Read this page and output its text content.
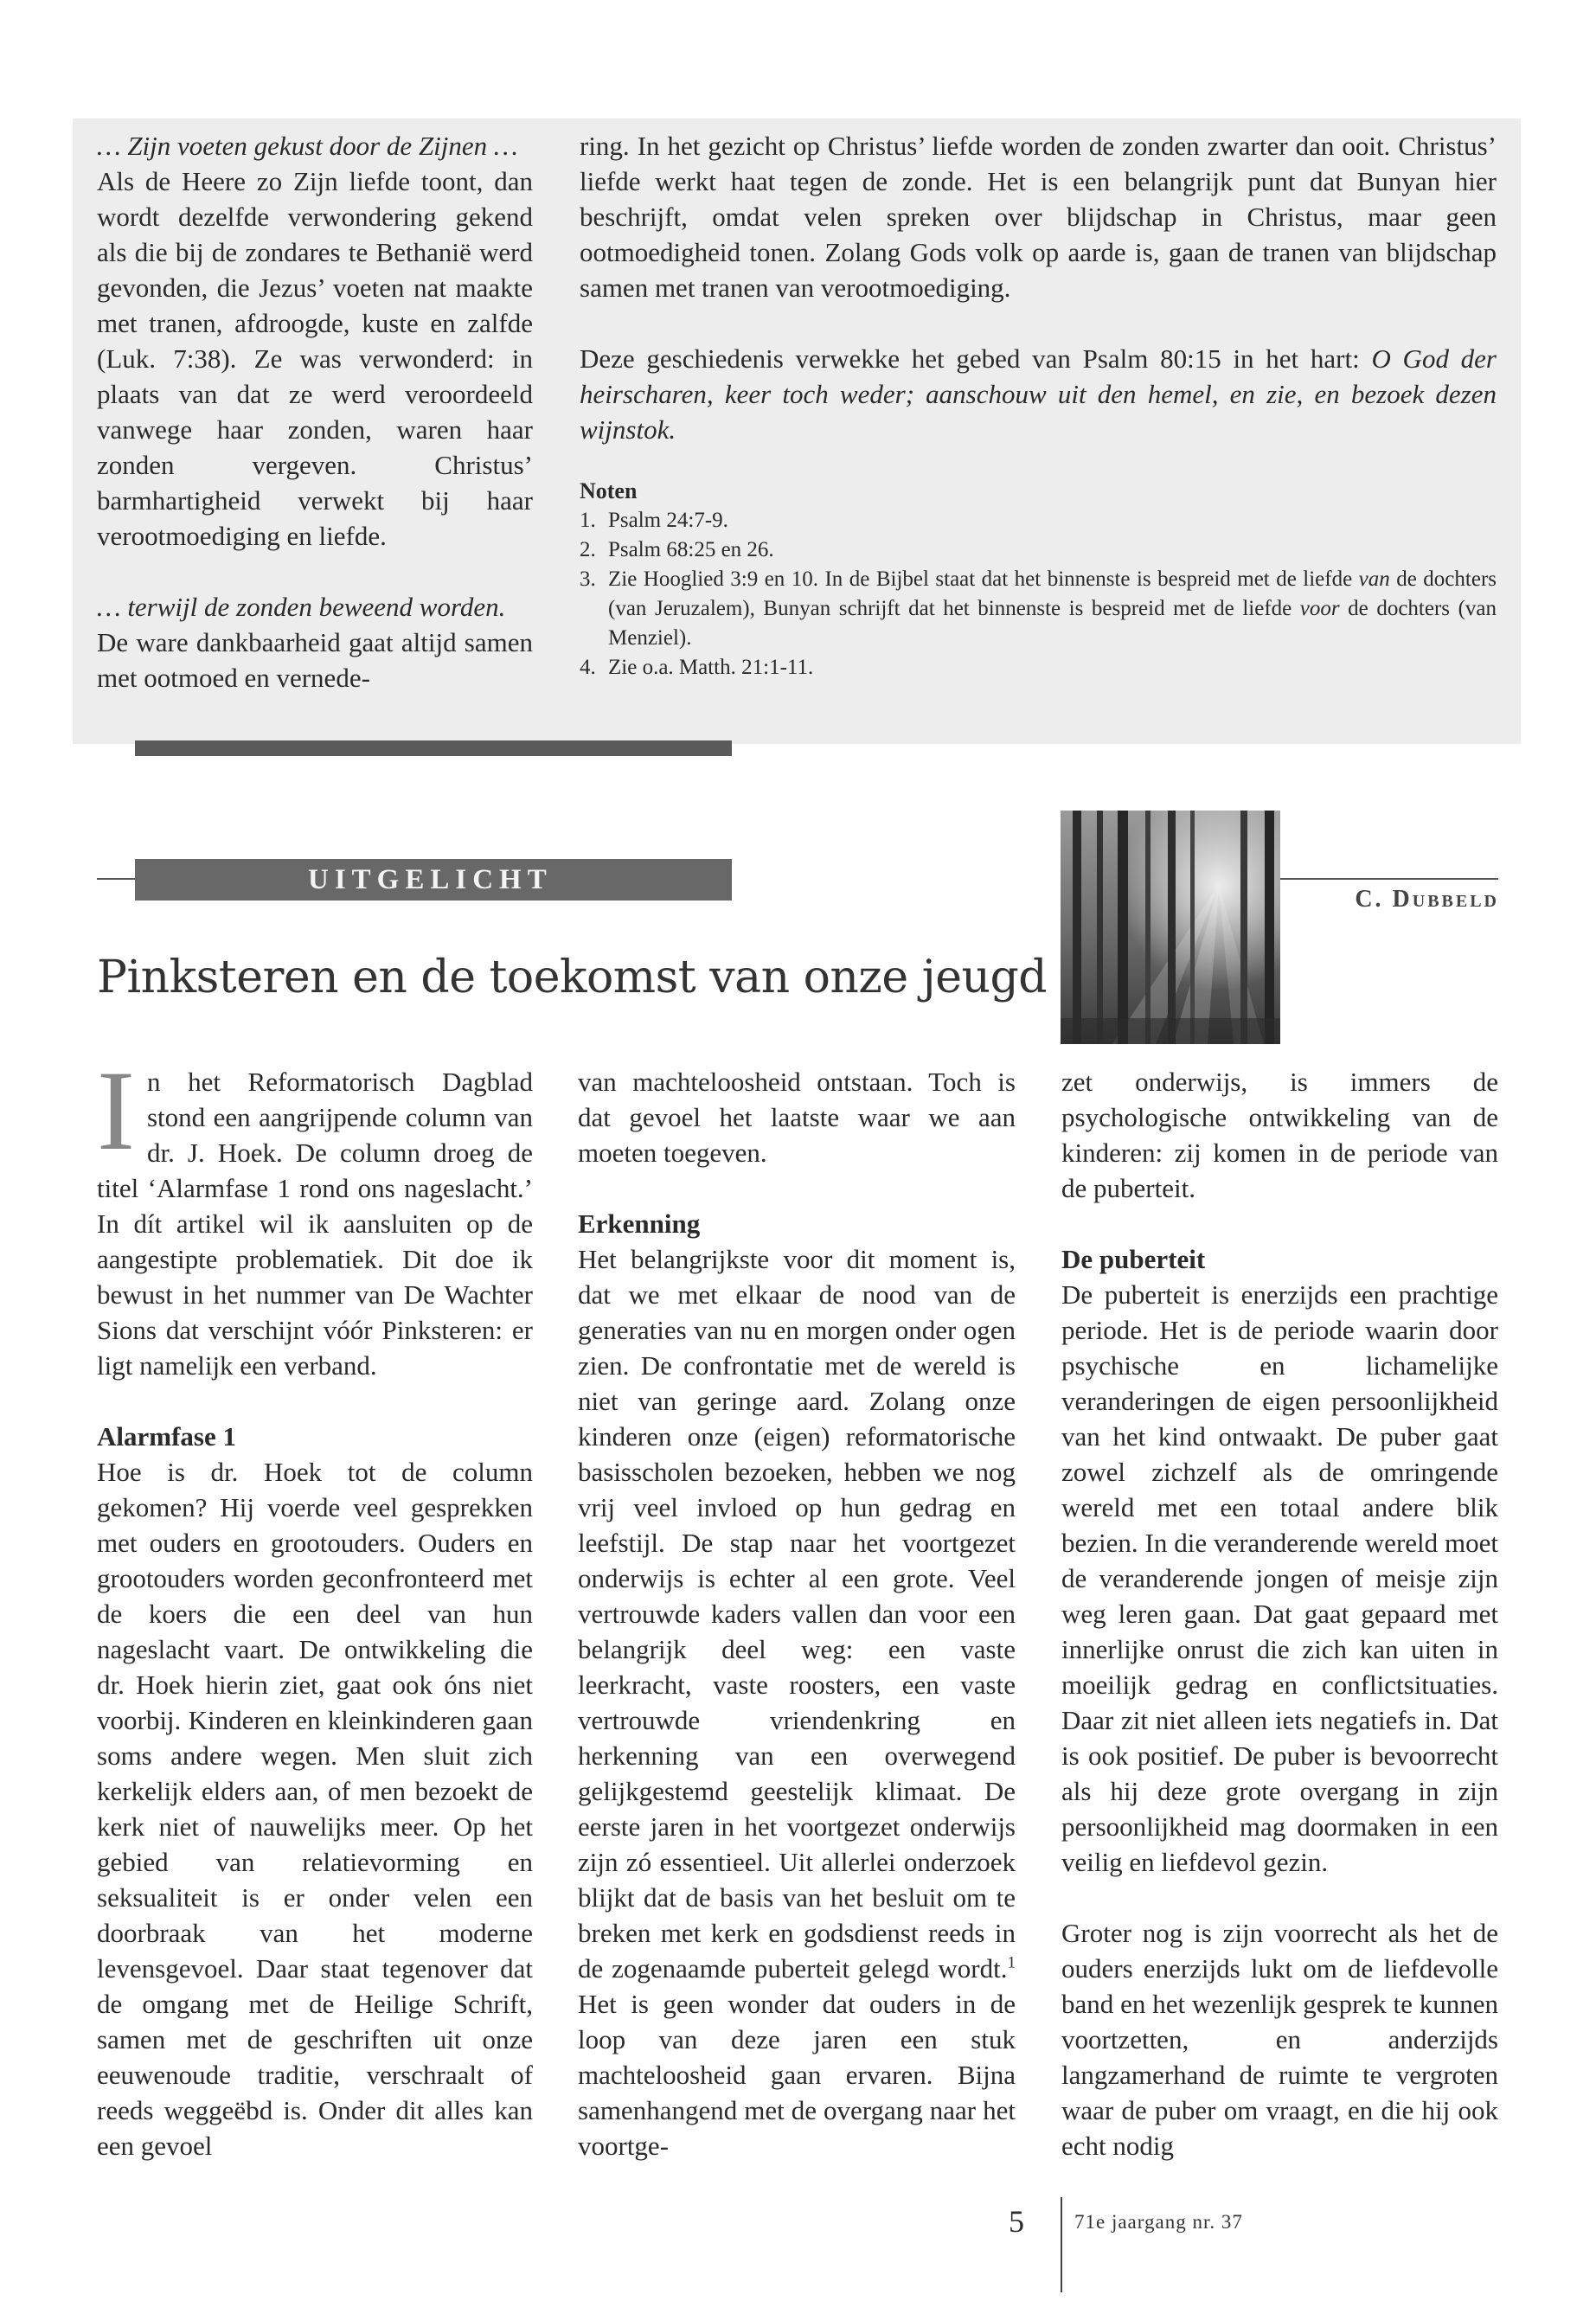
… Zijn voeten gekust door de Zijnen …
Als de Heere zo Zijn liefde toont, dan wordt dezelfde verwondering gekend als die bij de zondares te Bethanië werd gevonden, die Jezus’ voeten nat maakte met tranen, afdroogde, kuste en zalfde (Luk. 7:38). Ze was verwonderd: in plaats van dat ze werd veroordeeld vanwege haar zonden, waren haar zonden vergeven. Christus’ barmhartigheid verwekt bij haar verootmoediging en liefde.

… terwijl de zonden beweend worden.
De ware dankbaarheid gaat altijd samen met ootmoed en vernede-

ring. In het gezicht op Christus’ liefde worden de zonden zwarter dan ooit. Christus’ liefde werkt haat tegen de zonde. Het is een belangrijk punt dat Bunyan hier beschrijft, omdat velen spreken over blijdschap in Christus, maar geen ootmoedigheid tonen. Zolang Gods volk op aarde is, gaan de tranen van blijdschap samen met tranen van verootmoediging.

Deze geschiedenis verwekke het gebed van Psalm 80:15 in het hart: O God der heirscharen, keer toch weder; aanschouw uit den hemel, en zie, en bezoek dezen wijnstok.

Noten
1. Psalm 24:7-9.
2. Psalm 68:25 en 26.
3. Zie Hooglied 3:9 en 10. In de Bijbel staat dat het binnenste is bespreid met de liefde van de dochters (van Jeruzalem), Bunyan schrijft dat het binnenste is bespreid met de liefde voor de dochters (van Menziel).
4. Zie o.a. Matth. 21:1-11.
UITGELICHT
C. Dubbeld
Pinksteren en de toekomst van onze jeugd

In het Reformatorisch Dagblad stond een aangrijpende column van dr. J. Hoek. De column droeg de titel ‘Alarmfase 1 rond ons nageslacht.’ In dít artikel wil ik aansluiten op de aangestipte problematiek. Dit doe ik bewust in het nummer van De Wachter Sions dat verschijnt vóór Pinksteren: er ligt namelijk een verband.

Alarmfase 1

Hoe is dr. Hoek tot de column gekomen? Hij voerde veel gesprekken met ouders en grootouders. Ouders en grootouders worden geconfronteerd met de koers die een deel van hun nageslacht vaart. De ontwikkeling die dr. Hoek hierin ziet, gaat ook óns niet voorbij. Kinderen en kleinkinderen gaan soms andere wegen. Men sluit zich kerkelijk elders aan, of men bezoekt de kerk niet of nauwelijks meer. Op het gebied van relatievorming en seksualiteit is er onder velen een doorbraak van het moderne levensgevoel. Daar staat tegenover dat de omgang met de Heilige Schrift, samen met de geschriften uit onze eeuwenoude traditie, verschraalt of reeds weggeëbd is. Onder dit alles kan een gevoel

van machteloosheid ontstaan. Toch is dat gevoel het laatste waar we aan moeten toegeven.

Erkenning

Het belangrijkste voor dit moment is, dat we met elkaar de nood van de generaties van nu en morgen onder ogen zien. De confrontatie met de wereld is niet van geringe aard. Zolang onze kinderen onze (eigen) reformatorische basisscholen bezoeken, hebben we nog vrij veel invloed op hun gedrag en leefstijl. De stap naar het voortgezet onderwijs is echter al een grote. Veel vertrouwde kaders vallen dan voor een belangrijk deel weg: een vaste leerkracht, vaste roosters, een vaste vertrouwde vriendenkring en herkenning van een overwegend gelijkgestemd geestelijk klimaat. De eerste jaren in het voortgezet onderwijs zijn zó essentieel. Uit allerlei onderzoek blijkt dat de basis van het besluit om te breken met kerk en godsdienst reeds in de zogenaamde puberteit gelegd wordt.$^1$ Het is geen wonder dat ouders in de loop van deze jaren een stuk machteloosheid gaan ervaren. Bijna samenhangend met de overgang naar het voortge-

zet onderwijs, is immers de psychologische ontwikkeling van de kinderen: zij komen in de periode van de puberteit.

De puberteit

De puberteit is enerzijds een prachtige periode. Het is de periode waarin door psychische en lichamelijke veranderingen de eigen persoonlijkheid van het kind ontwaakt. De puber gaat zowel zichzelf als de omringende wereld met een totaal andere blik bezien. In die veranderende wereld moet de veranderende jongen of meisje zijn weg leren gaan. Dat gaat gepaard met innerlijke onrust die zich kan uiten in moeilijk gedrag en conflictsituaties. Daar zit niet alleen iets negatiefs in. Dat is ook positief. De puber is bevoorrecht als hij deze grote overgang in zijn persoonlijkheid mag doormaken in een veilig en liefdevol gezin.

Groter nog is zijn voorrecht als het de ouders enerzijds lukt om de liefdevolle band en het wezenlijk gesprek te kunnen voortzetten, en anderzijds langzamerhand de ruimte te vergroten waar de puber om vraagt, en die hij ook echt nodig

5	71e jaargang nr. 37
